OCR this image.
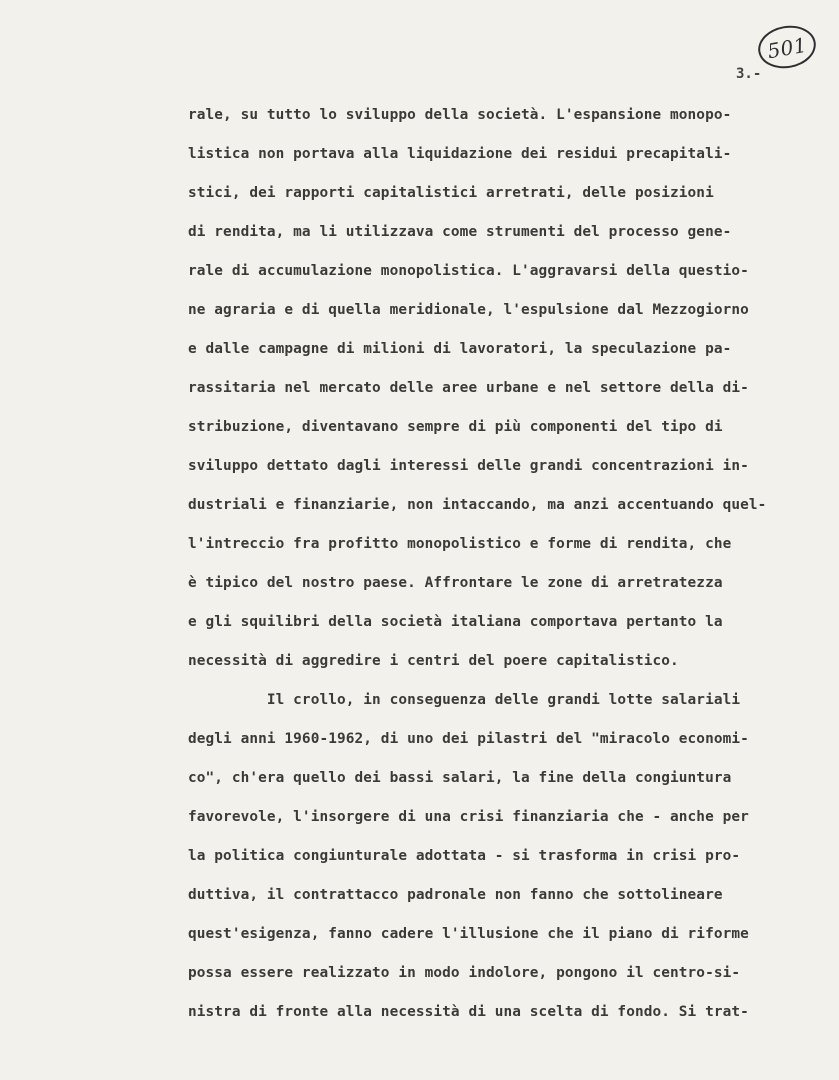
501
3.-
rale, su tutto lo sviluppo della società. L'espansione monopo-
listica non portava alla liquidazione dei residui precapitali-
stici, dei rapporti capitalistici arretrati, delle posizioni
di rendita, ma li utilizzava come strumenti del processo gene-
rale di accumulazione monopolistica. L'aggravarsi della questio-
ne agraria e di quella meridionale, l'espulsione dal Mezzogiorno
e dalle campagne di milioni di lavoratori, la speculazione pa-
rassitaria nel mercato delle aree urbane e nel settore della di-
stribuzione, diventavano sempre di più componenti del tipo di
sviluppo dettato dagli interessi delle grandi concentrazioni in-
dustriali e finanziarie, non intaccando, ma anzi accentuando quel-
l'intreccio fra profitto monopolistico e forme di rendita, che
è tipico del nostro paese. Affrontare le zone di arretratezza
e gli squilibri della società italiana comportava pertanto la
necessità di aggredire i centri del poere capitalistico.
Il crollo, in conseguenza delle grandi lotte salariali
degli anni 1960-1962, di uno dei pilastri del "miracolo economi-
co", ch'era quello dei bassi salari, la fine della congiuntura
favorevole, l'insorgere di una crisi finanziaria che - anche per
la politica congiunturale adottata - si trasforma in crisi pro-
duttiva, il contrattacco padronale non fanno che sottolineare
quest'esigenza, fanno cadere l'illusione che il piano di riforme
possa essere realizzato in modo indolore, pongono il centro-si-
nistra di fronte alla necessità di una scelta di fondo. Si trat-
